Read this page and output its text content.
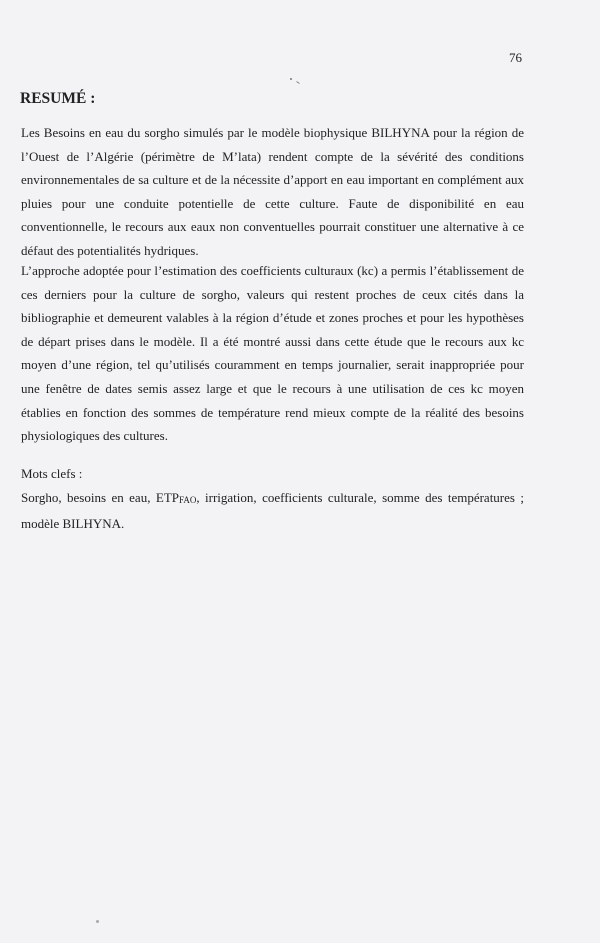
76
RESUMÉ :

Les Besoins en eau du sorgho simulés par le modèle biophysique BILHYNA pour la région de l’Ouest de l’Algérie (périmètre de M’lata) rendent compte de la sévérité des conditions environnementales de sa culture et de la nécessite d’apport en eau important en complément aux pluies pour une conduite potentielle de cette culture. Faute de disponibilité en eau conventionnelle, le recours aux eaux non conventuelles pourrait constituer une alternative à ce défaut des potentialités hydriques.

L’approche adoptée pour l’estimation des coefficients culturaux (kc) a permis l’établissement de ces derniers pour la culture de sorgho, valeurs qui restent proches de ceux cités dans la bibliographie et demeurent valables à la région d’étude et zones proches et pour les hypothèses de départ prises dans le modèle. Il a été montré aussi dans cette étude que le recours aux kc moyen d’une région, tel qu’utilisés couramment en temps journalier, serait inappropriée pour une fenêtre de dates semis assez large et que le recours à une utilisation de ces kc moyen établies en fonction des sommes de température rend mieux compte de la réalité des besoins physiologiques des cultures.

Mots clefs :

Sorgho, besoins en eau, $ETP_{FAO}$, irrigation, coefficients culturale, somme des températures ; modèle BILHYNA.
